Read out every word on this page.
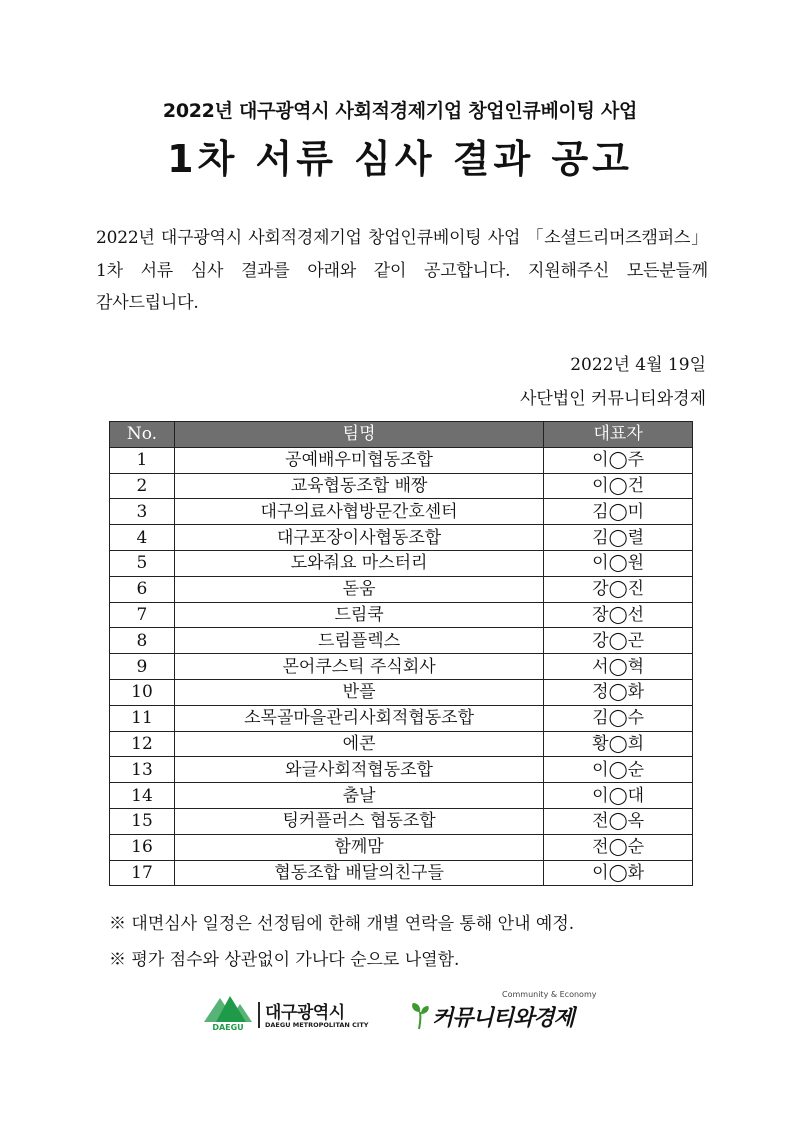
2022년 대구광역시 사회적경제기업 창업인큐베이팅 사업
1차 서류 심사 결과 공고
2022년 대구광역시 사회적경제기업 창업인큐베이팅 사업 「소셜드리머즈캠퍼스」 1차 서류 심사 결과를 아래와 같이 공고합니다. 지원해주신 모든분들께 감사드립니다.
2022년 4월 19일
사단법인 커뮤니티와경제
No.	팀명	대표자
1	공예배우미협동조합	이◯주
2	교육협동조합 배짱	이◯건
3	대구의료사협방문간호센터	김◯미
4	대구포장이사협동조합	김◯렬
5	도와줘요 마스터리	이◯원
6	돋움	강◯진
7	드림쿡	장◯선
8	드림플렉스	강◯곤
9	몬어쿠스틱 주식회사	서◯혁
10	반플	정◯화
11	소목골마을관리사회적협동조합	김◯수
12	에콘	황◯희
13	와글사회적협동조합	이◯순
14	춤날	이◯대
15	팅커플러스 협동조합	전◯옥
16	함께맘	전◯순
17	협동조합 배달의친구들	이◯화
※ 대면심사 일정은 선정팀에 한해 개별 연락을 통해 안내 예정.
※ 평가 점수와 상관없이 가나다 순으로 나열함.
DAEGU
대구광역시
DAEGU METROPOLITAN CITY
Community & Economy
커뮤니티와경제
